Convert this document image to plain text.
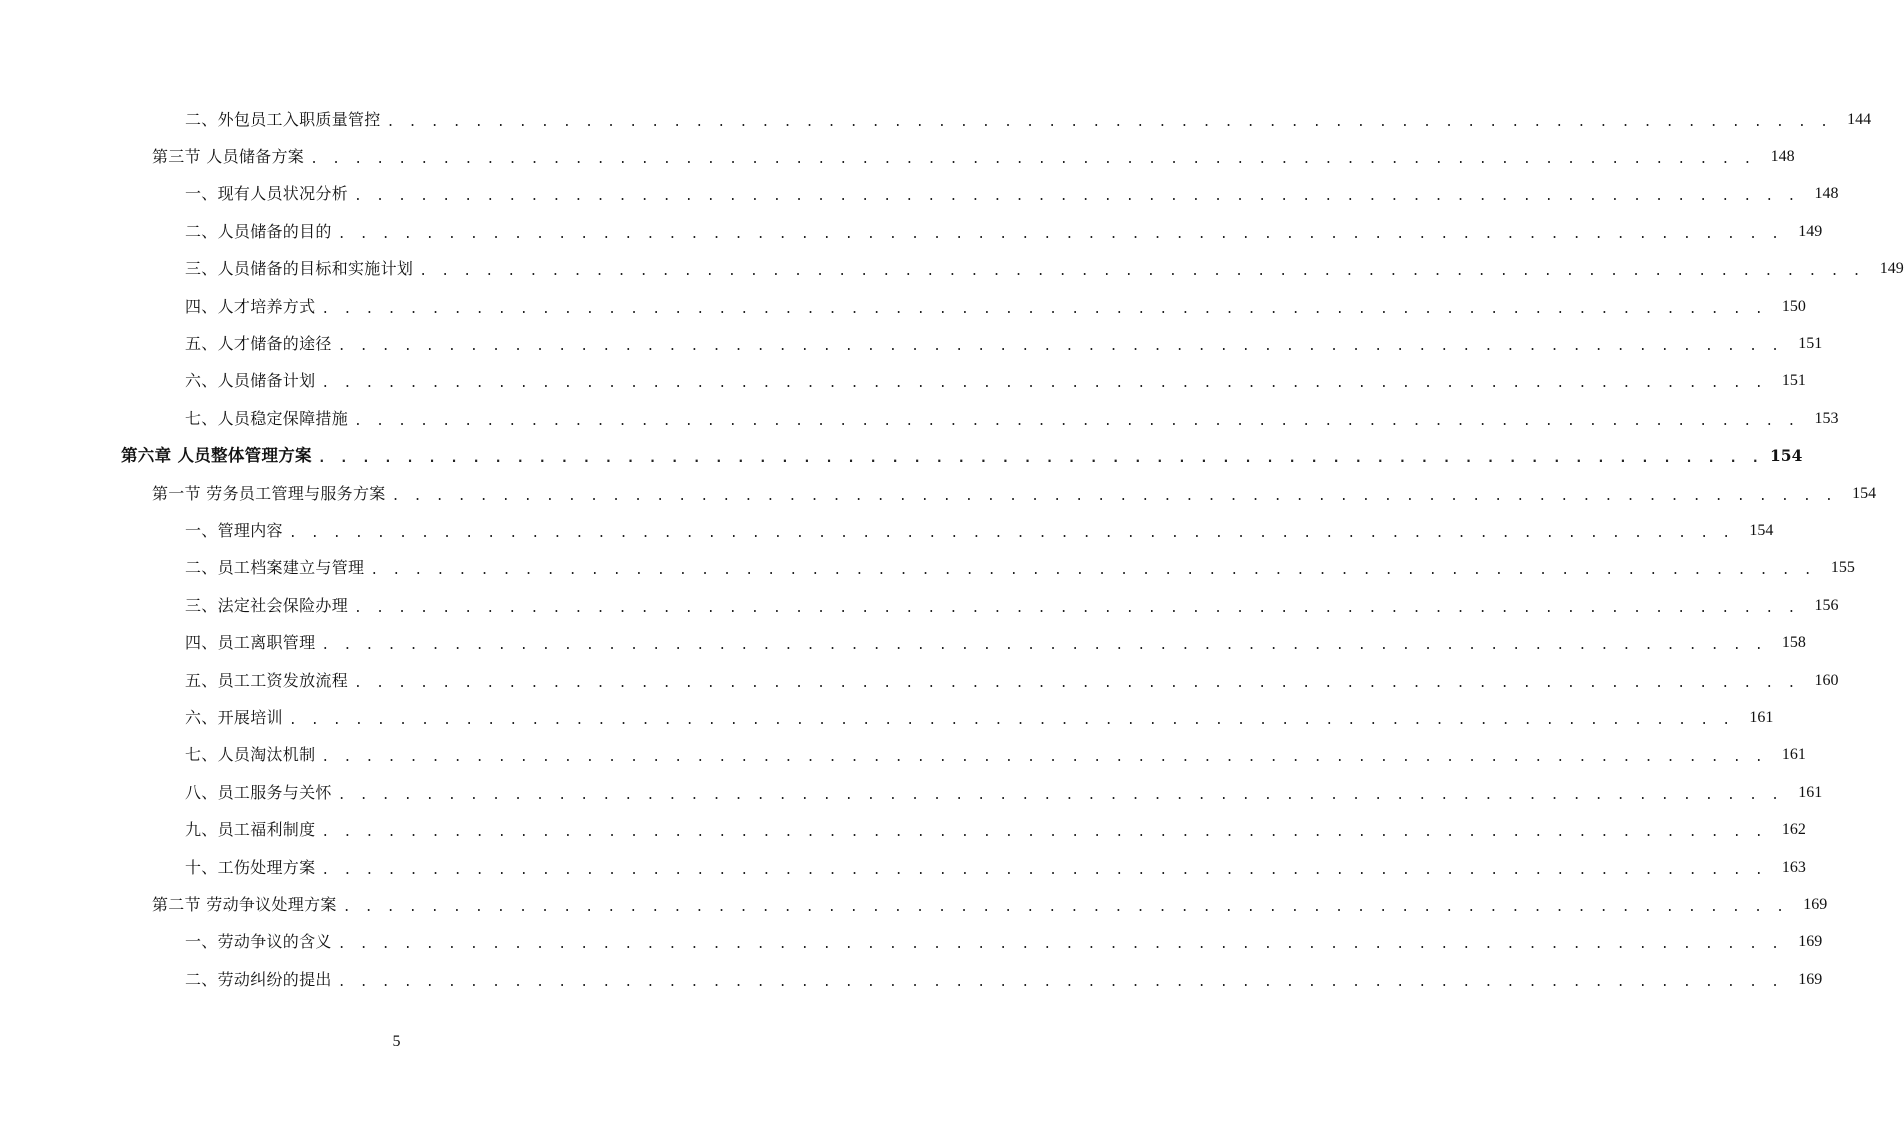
二、外包员工入职质量管控 . . . . . . . . . . . . . . . . . . . . . . . . . . . . . . . . . . . . . . . . . . . . . . . . . . . . . . . . . . . . . . . . . .	144
第三节 人员储备方案 . . . . . . . . . . . . . . . . . . . . . . . . . . . . . . . . . . . . . . . . . . . . . . . . . . . . . . . . . . . . . . . . . .	148
一、现有人员状况分析 . . . . . . . . . . . . . . . . . . . . . . . . . . . . . . . . . . . . . . . . . . . . . . . . . . . . . . . . . . . . . . . . . .	148
二、人员储备的目的 . . . . . . . . . . . . . . . . . . . . . . . . . . . . . . . . . . . . . . . . . . . . . . . . . . . . . . . . . . . . . . . . . .	149
三、人员储备的目标和实施计划 . . . . . . . . . . . . . . . . . . . . . . . . . . . . . . . . . . . . . . . . . . . . . . . . . . . . . . . . . . . . . . . . . .	149
四、人才培养方式 . . . . . . . . . . . . . . . . . . . . . . . . . . . . . . . . . . . . . . . . . . . . . . . . . . . . . . . . . . . . . . . . . .	150
五、人才储备的途径 . . . . . . . . . . . . . . . . . . . . . . . . . . . . . . . . . . . . . . . . . . . . . . . . . . . . . . . . . . . . . . . . . .	151
六、人员储备计划 . . . . . . . . . . . . . . . . . . . . . . . . . . . . . . . . . . . . . . . . . . . . . . . . . . . . . . . . . . . . . . . . . .	151
七、人员稳定保障措施 . . . . . . . . . . . . . . . . . . . . . . . . . . . . . . . . . . . . . . . . . . . . . . . . . . . . . . . . . . . . . . . . . .	153
第六章 人员整体管理方案 . . . . . . . . . . . . . . . . . . . . . . . . . . . . . . . . . . . . . . . . . . . . . . . . . . . . . . . . . . . . . . . . . . 154
第一节 劳务员工管理与服务方案 . . . . . . . . . . . . . . . . . . . . . . . . . . . . . . . . . . . . . . . . . . . . . . . . . . . . . . . . . . . . . . . . . .	154
一、管理内容 . . . . . . . . . . . . . . . . . . . . . . . . . . . . . . . . . . . . . . . . . . . . . . . . . . . . . . . . . . . . . . . . . .	154
二、员工档案建立与管理 . . . . . . . . . . . . . . . . . . . . . . . . . . . . . . . . . . . . . . . . . . . . . . . . . . . . . . . . . . . . . . . . . .	155
三、法定社会保险办理 . . . . . . . . . . . . . . . . . . . . . . . . . . . . . . . . . . . . . . . . . . . . . . . . . . . . . . . . . . . . . . . . . .	156
四、员工离职管理 . . . . . . . . . . . . . . . . . . . . . . . . . . . . . . . . . . . . . . . . . . . . . . . . . . . . . . . . . . . . . . . . . .	158
五、员工工资发放流程 . . . . . . . . . . . . . . . . . . . . . . . . . . . . . . . . . . . . . . . . . . . . . . . . . . . . . . . . . . . . . . . . . .	160
六、开展培训 . . . . . . . . . . . . . . . . . . . . . . . . . . . . . . . . . . . . . . . . . . . . . . . . . . . . . . . . . . . . . . . . . .	161
七、人员淘汰机制 . . . . . . . . . . . . . . . . . . . . . . . . . . . . . . . . . . . . . . . . . . . . . . . . . . . . . . . . . . . . . . . . . .	161
八、员工服务与关怀 . . . . . . . . . . . . . . . . . . . . . . . . . . . . . . . . . . . . . . . . . . . . . . . . . . . . . . . . . . . . . . . . . .	161
九、员工福利制度 . . . . . . . . . . . . . . . . . . . . . . . . . . . . . . . . . . . . . . . . . . . . . . . . . . . . . . . . . . . . . . . . . .	162
十、工伤处理方案 . . . . . . . . . . . . . . . . . . . . . . . . . . . . . . . . . . . . . . . . . . . . . . . . . . . . . . . . . . . . . . . . . .	163
第二节 劳动争议处理方案 . . . . . . . . . . . . . . . . . . . . . . . . . . . . . . . . . . . . . . . . . . . . . . . . . . . . . . . . . . . . . . . . . .	169
一、劳动争议的含义 . . . . . . . . . . . . . . . . . . . . . . . . . . . . . . . . . . . . . . . . . . . . . . . . . . . . . . . . . . . . . . . . . .	169
二、劳动纠纷的提出 . . . . . . . . . . . . . . . . . . . . . . . . . . . . . . . . . . . . . . . . . . . . . . . . . . . . . . . . . . . . . . . . . .	169
5
